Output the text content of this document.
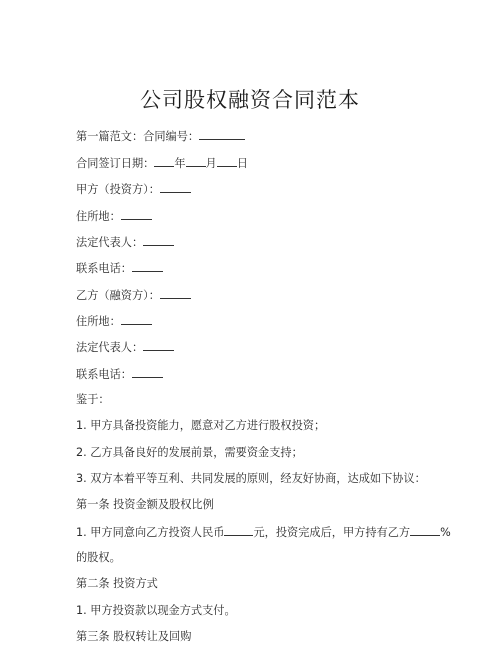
公司股权融资合同范本
第一篇范文：合同编号：
合同签订日期： 年 月 日
甲方（投资方）：
住所地：
法定代表人：
联系电话：
乙方（融资方）：
住所地：
法定代表人：
联系电话：
鉴于：
1. 甲方具备投资能力，愿意对乙方进行股权投资；
2. 乙方具备良好的发展前景，需要资金支持；
3. 双方本着平等互利、共同发展的原则，经友好协商，达成如下协议：
第一条 投资金额及股权比例
1. 甲方同意向乙方投资人民币	元，投资完成后，甲方持有乙方	%
的股权。
第二条 投资方式
1. 甲方投资款以现金方式支付。
第三条 股权转让及回购
